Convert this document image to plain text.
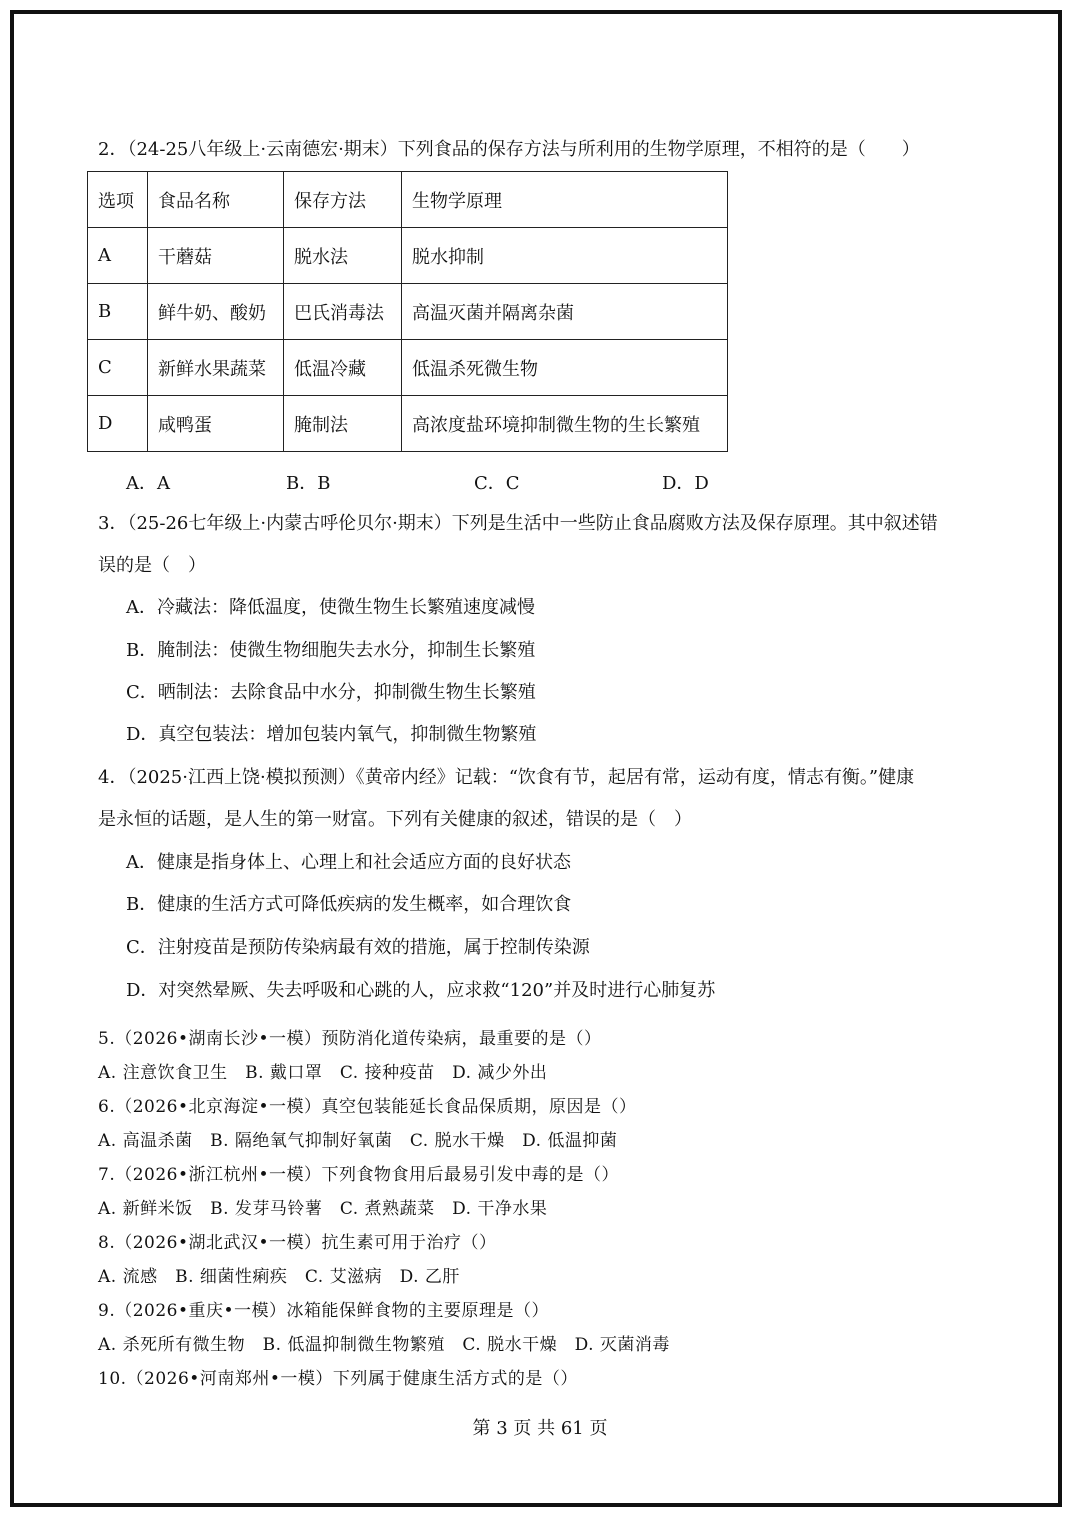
2．（24-25八年级上·云南德宏·期末）下列食品的保存方法与所利用的生物学原理，不相符的是（　　）
选项	食品名称	保存方法	生物学原理
A	干蘑菇	脱水法	脱水抑制
B	鲜牛奶、酸奶	巴氏消毒法	高温灭菌并隔离杂菌
C	新鲜水果蔬菜	低温冷藏	低温杀死微生物
D	咸鸭蛋	腌制法	高浓度盐环境抑制微生物的生长繁殖
A．A	B．B	C．C	D．D
3．（25-26七年级上·内蒙古呼伦贝尔·期末）下列是生活中一些防止食品腐败方法及保存原理。其中叙述错
误的是（　）
A．冷藏法：降低温度，使微生物生长繁殖速度减慢
B．腌制法：使微生物细胞失去水分，抑制生长繁殖
C．晒制法：去除食品中水分，抑制微生物生长繁殖
D．真空包装法：增加包装内氧气，抑制微生物繁殖
4．（2025·江西上饶·模拟预测）《黄帝内经》记载：“饮食有节，起居有常，运动有度，情志有衡。”健康
是永恒的话题，是人生的第一财富。下列有关健康的叙述，错误的是（　）
A．健康是指身体上、心理上和社会适应方面的良好状态
B．健康的生活方式可降低疾病的发生概率，如合理饮食
C．注射疫苗是预防传染病最有效的措施，属于控制传染源
D．对突然晕厥、失去呼吸和心跳的人，应求救“120”并及时进行心肺复苏
5.（2026•湖南长沙•一模）预防消化道传染病，最重要的是（）
A. 注意饮食卫生　B. 戴口罩　C. 接种疫苗　D. 减少外出
6.（2026•北京海淀•一模）真空包装能延长食品保质期，原因是（）
A. 高温杀菌　B. 隔绝氧气抑制好氧菌　C. 脱水干燥　D. 低温抑菌
7.（2026•浙江杭州•一模）下列食物食用后最易引发中毒的是（）
A. 新鲜米饭　B. 发芽马铃薯　C. 煮熟蔬菜　D. 干净水果
8.（2026•湖北武汉•一模）抗生素可用于治疗（）
A. 流感　B. 细菌性痢疾　C. 艾滋病　D. 乙肝
9.（2026•重庆•一模）冰箱能保鲜食物的主要原理是（）
A. 杀死所有微生物　B. 低温抑制微生物繁殖　C. 脱水干燥　D. 灭菌消毒
10.（2026•河南郑州•一模）下列属于健康生活方式的是（）
第 3 页 共 61 页
